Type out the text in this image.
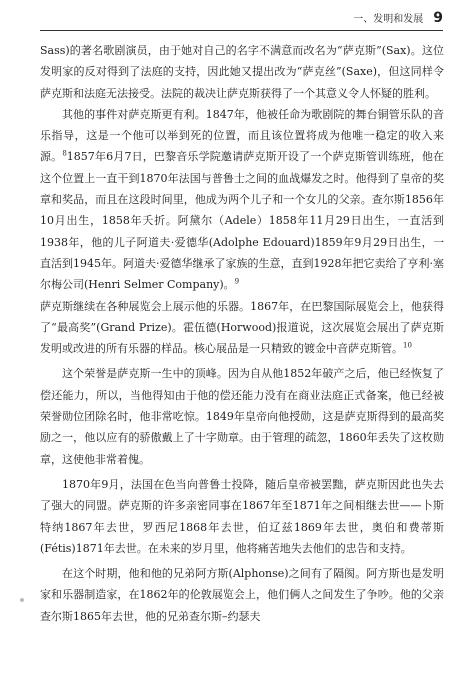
一、发明和发展 9

Sass)的著名歌剧演员，由于她对自己的名字不满意而改名为“萨克斯”(Sax)。这位发明家的反对得到了法庭的支持，因此她又提出改为“萨克丝”(Saxe)，但这同样令萨克斯和法庭无法接受。法院的裁决让萨克斯获得了一个其意义令人怀疑的胜利。

其他的事件对萨克斯更有利。1847年，他被任命为歌剧院的舞台铜管乐队的音乐指导，这是一个他可以举到死的位置，而且该位置将成为他唯一稳定的收入来源。$^8$1857年6月7日，巴黎音乐学院邀请萨克斯开设了一个萨克斯管训练班，他在这个位置上一直干到1870年法国与普鲁士之间的血战爆发之时。他得到了皇帝的奖章和奖品，而且在这段时间里，他成为两个儿子和一个女儿的父亲。查尔斯1856年10月出生，1858年夭折。阿黛尔（Adele）1858年11月29日出生，一直活到1938年，他的儿子阿道夫·爱德华(Adolphe Edouard)1859年9月29日出生，一直活到1945年。阿道夫·爱德华继承了家族的生意，直到1928年把它卖给了亨利·塞尔梅公司(Henri Selmer Company)。$^9$

萨克斯继续在各种展览会上展示他的乐器。1867年，在巴黎国际展览会上，他获得了“最高奖”(Grand Prize)。霍伍德(Horwood)报道说，这次展览会展出了萨克斯发明或改进的所有乐器的样品。核心展品是一只精致的镀金中音萨克斯管。$^{10}$

这个荣誉是萨克斯一生中的顶峰。因为自从他1852年破产之后，他已经恢复了偿还能力，所以，当他得知由于他的偿还能力没有在商业法庭正式备案，他已经被荣誉勋位团除名时，他非常吃惊。1849年皇帝向他授勋，这是萨克斯得到的最高奖励之一，他以应有的骄傲戴上了十字勋章。由于管理的疏忽，1860年丢失了这枚勋章，这使他非常着傀。

1870年9月，法国在色当向普鲁士投降，随后皇帝被罢黜，萨克斯因此也失去了强大的同盟。萨克斯的许多亲密同事在1867年至1871年之间相继去世——卜斯特纳1867年去世，罗西尼1868年去世，伯辽兹1869年去世，奥伯和费蒂斯(Fétis)1871年去世。在未来的岁月里，他将痛苦地失去他们的忠告和支持。

在这个时期，他和他的兄弟阿方斯(Alphonse)之间有了隔阂。阿方斯也是发明家和乐器制造家，在1862年的伦敦展览会上，他们俩人之间发生了争吵。他的父亲查尔斯1865年去世，他的兄弟查尔斯–约瑟夫
